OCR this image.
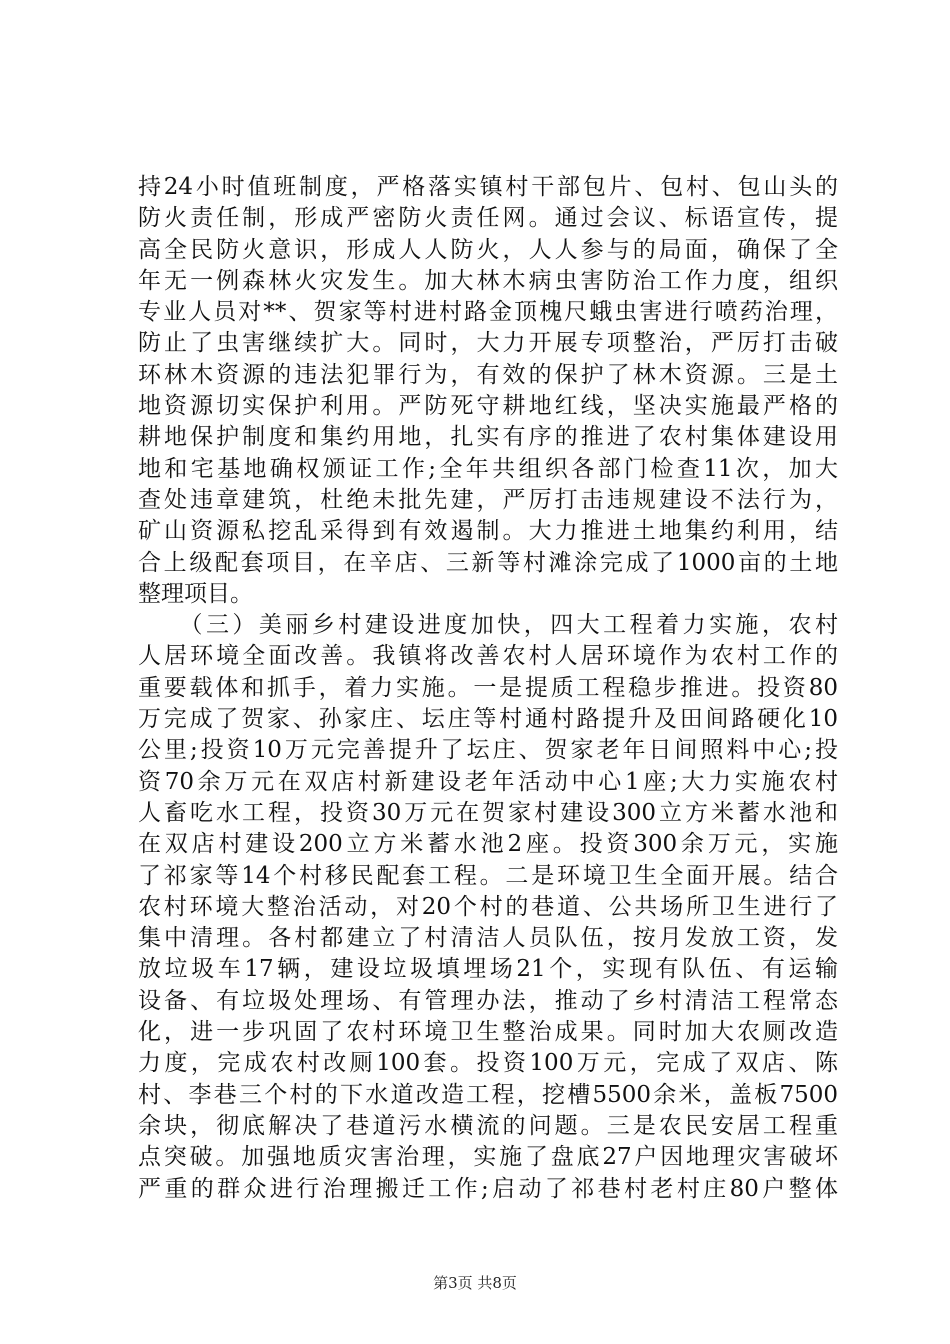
持24小时值班制度，严格落实镇村干部包片、包村、包山头的
防火责任制，形成严密防火责任网。通过会议、标语宣传，提
高全民防火意识，形成人人防火，人人参与的局面，确保了全
年无一例森林火灾发生。加大林木病虫害防治工作力度，组织
专业人员对**、贺家等村进村路金顶槐尺蛾虫害进行喷药治理，
防止了虫害继续扩大。同时，大力开展专项整治，严厉打击破
环林木资源的违法犯罪行为，有效的保护了林木资源。三是土
地资源切实保护利用。严防死守耕地红线，坚决实施最严格的
耕地保护制度和集约用地，扎实有序的推进了农村集体建设用
地和宅基地确权颁证工作;全年共组织各部门检查11次，加大
查处违章建筑，杜绝未批先建，严厉打击违规建设不法行为，
矿山资源私挖乱采得到有效遏制。大力推进土地集约利用，结
合上级配套项目，在辛店、三新等村滩涂完成了1000亩的土地
整理项目。
　　（三）美丽乡村建设进度加快，四大工程着力实施，农村
人居环境全面改善。我镇将改善农村人居环境作为农村工作的
重要载体和抓手，着力实施。一是提质工程稳步推进。投资80
万完成了贺家、孙家庄、坛庄等村通村路提升及田间路硬化10
公里;投资10万元完善提升了坛庄、贺家老年日间照料中心;投
资70余万元在双店村新建设老年活动中心1座;大力实施农村
人畜吃水工程，投资30万元在贺家村建设300立方米蓄水池和
在双店村建设200立方米蓄水池2座。投资300余万元，实施
了祁家等14个村移民配套工程。二是环境卫生全面开展。结合
农村环境大整治活动，对20个村的巷道、公共场所卫生进行了
集中清理。各村都建立了村清洁人员队伍，按月发放工资，发
放垃圾车17辆，建设垃圾填埋场21个，实现有队伍、有运输
设备、有垃圾处理场、有管理办法，推动了乡村清洁工程常态
化，进一步巩固了农村环境卫生整治成果。同时加大农厕改造
力度，完成农村改厕100套。投资100万元，完成了双店、陈
村、李巷三个村的下水道改造工程，挖槽5500余米，盖板7500
余块，彻底解决了巷道污水横流的问题。三是农民安居工程重
点突破。加强地质灾害治理，实施了盘底27户因地理灾害破坏
严重的群众进行治理搬迁工作;启动了祁巷村老村庄80户整体
第3页 共8页
